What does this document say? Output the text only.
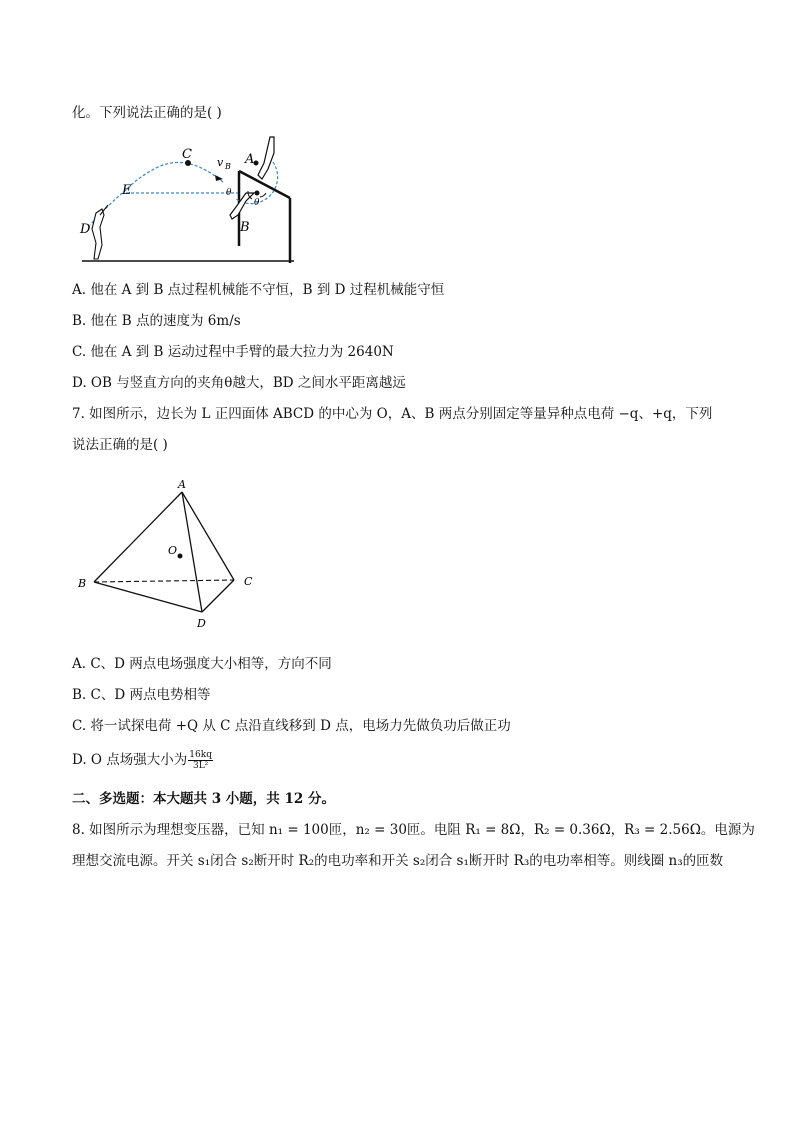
化。下列说法正确的是( )
C
v B A
E
D	B
θ
θ
A. 他在 A 到 B 点过程机械能不守恒，B 到 D 过程机械能守恒
B. 他在 B 点的速度为 6m/s
C. 他在 A 到 B 运动过程中手臂的最大拉力为 2640N
D. OB 与竖直方向的夹角θ越大，BD 之间水平距离越远
7. 如图所示，边长为 L 正四面体 ABCD 的中心为 O，A、B 两点分别固定等量异种点电荷 −q、+q，下列
说法正确的是( )
A
O
B	C
D
A. C、D 两点电场强度大小相等，方向不同
B. C、D 两点电势相等
C. 将一试探电荷 +Q 从 C 点沿直线移到 D 点，电场力先做负功后做正功
D. O 点场强大小为 $\frac{16kq}{\text{3L²}}$
二、多选题：本大题共 3 小题，共 12 分。
8. 如图所示为理想变压器，已知 n₁ = 100匝，n₂ = 30匝。电阻 R₁ = 8Ω，R₂ = 0.36Ω，R₃ = 2.56Ω。电源为
理想交流电源。开关 s₁闭合 s₂断开时 R₂的电功率和开关 s₂闭合 s₁断开时 R₃的电功率相等。则线圈 n₃的匝数
